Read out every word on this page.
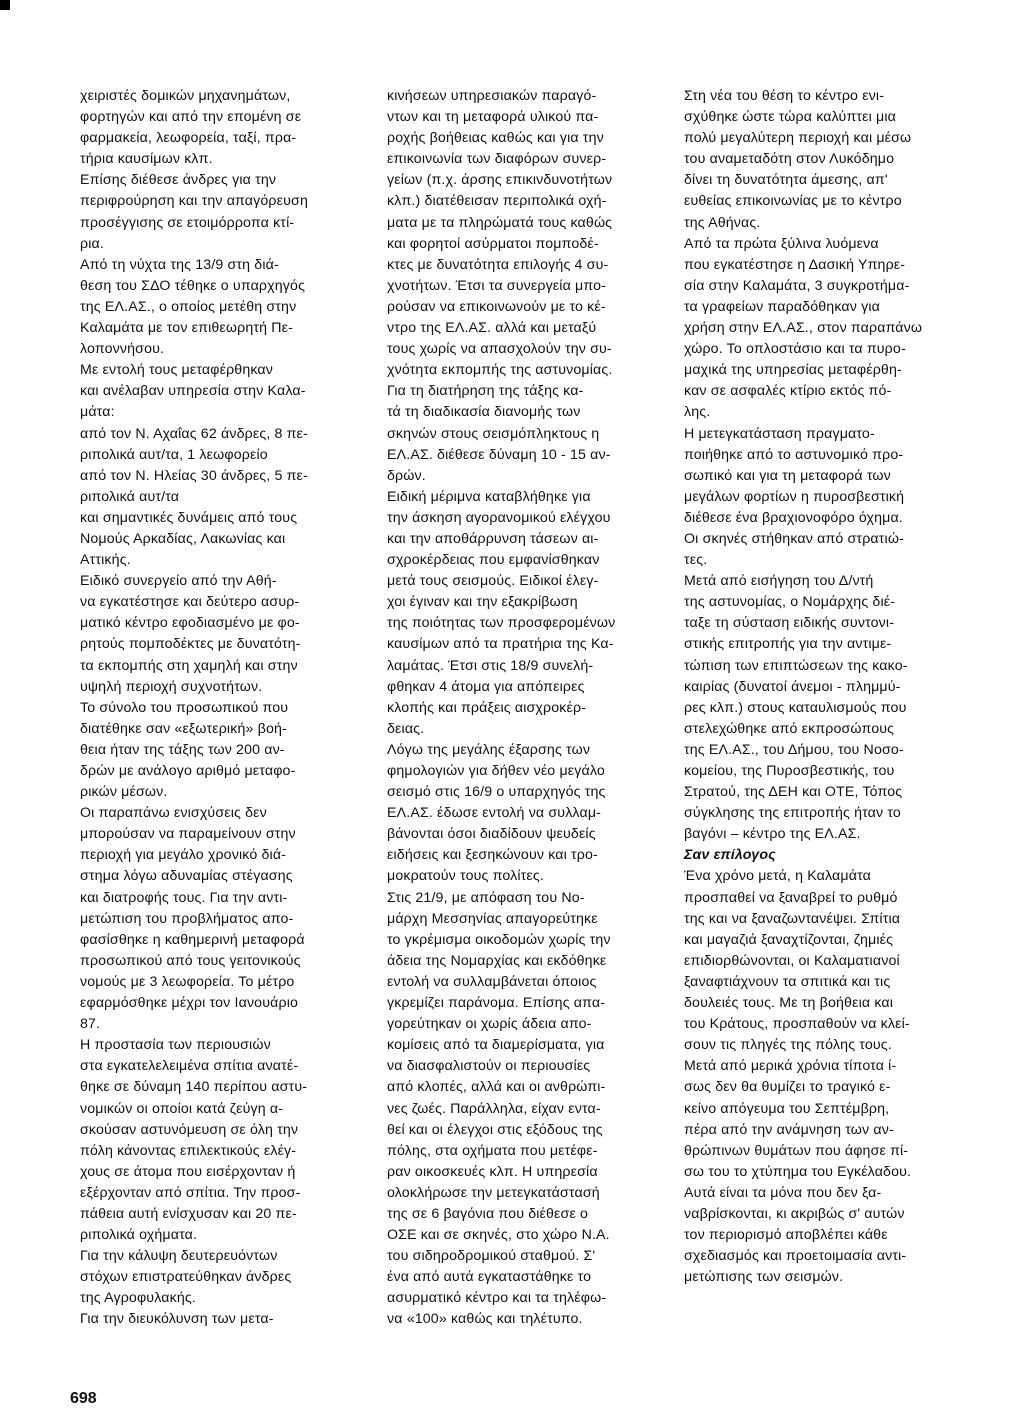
χειριστές δομικών μηχανημάτων,
φορτηγών και από την επομένη σε
φαρμακεία, λεωφορεία, ταξί, πρα-
τήρια καυσίμων κλπ.
Επίσης διέθεσε άνδρες για την
περιφρούρηση και την απαγόρευση
προσέγγισης σε ετοιμόρροπα κτί-
ρια.
Από τη νύχτα της 13/9 στη διά-
θεση του ΣΔΟ τέθηκε ο υπαρχηγός
της ΕΛ.ΑΣ., ο οποίος μετέθη στην
Καλαμάτα με τον επιθεωρητή Πε-
λοποννήσου.
Με εντολή τους μεταφέρθηκαν
και ανέλαβαν υπηρεσία στην Καλα-
μάτα:
από τον Ν. Αχαΐας 62 άνδρες, 8 πε-
ριπολικά αυτ/τα, 1 λεωφορείο
από τον Ν. Ηλείας 30 άνδρες, 5 πε-
ριπολικά αυτ/τα
και σημαντικές δυνάμεις από τους
Νομούς Αρκαδίας, Λακωνίας και
Αττικής.
Ειδικό συνεργείο από την Αθή-
να εγκατέστησε και δεύτερο ασυρ-
ματικό κέντρο εφοδιασμένο με φο-
ρητούς πομποδέκτες με δυνατότη-
τα εκπομπής στη χαμηλή και στην
υψηλή περιοχή συχνοτήτων.
Το σύνολο του προσωπικού που
διατέθηκε σαν «εξωτερική» βοή-
θεια ήταν της τάξης των 200 αν-
δρών με ανάλογο αριθμό μεταφο-
ρικών μέσων.
Οι παραπάνω ενισχύσεις δεν
μπορούσαν να παραμείνουν στην
περιοχή για μεγάλο χρονικό διά-
στημα λόγω αδυναμίας στέγασης
και διατροφής τους. Για την αντι-
μετώπιση του προβλήματος απο-
φασίσθηκε η καθημερινή μεταφορά
προσωπικού από τους γειτονικούς
νομούς με 3 λεωφορεία. Το μέτρο
εφαρμόσθηκε μέχρι τον Ιανουάριο
87.
Η προστασία των περιουσιών
στα εγκατελελειμένα σπίτια ανατέ-
θηκε σε δύναμη 140 περίπου αστυ-
νομικών οι οποίοι κατά ζεύγη α-
σκούσαν αστυνόμευση σε όλη την
πόλη κάνοντας επιλεκτικούς ελέγ-
χους σε άτομα που εισέρχονταν ή
εξέρχονταν από σπίτια. Την προσ-
πάθεια αυτή ενίσχυσαν και 20 πε-
ριπολικά οχήματα.
Για την κάλυψη δευτερευόντων
στόχων επιστρατεύθηκαν άνδρες
της Αγροφυλακής.
Για την διευκόλυνση των μετα-
κινήσεων υπηρεσιακών παραγό-
ντων και τη μεταφορά υλικού πα-
ροχής βοήθειας καθώς και για την
επικοινωνία των διαφόρων συνερ-
γείων (π.χ. άρσης επικινδυνοτήτων
κλπ.) διατέθεισαν περιπολικά οχή-
ματα με τα πληρώματά τους καθώς
και φορητοί ασύρματοι πομποδέ-
κτες με δυνατότητα επιλογής 4 συ-
χνοτήτων. Έτσι τα συνεργεία μπο-
ρούσαν να επικοινωνούν με το κέ-
ντρο της ΕΛ.ΑΣ. αλλά και μεταξύ
τους χωρίς να απασχολούν την συ-
χνότητα εκπομπής της αστυνομίας.
Για τη διατήρηση της τάξης κα-
τά τη διαδικασία διανομής των
σκηνών στους σεισμόπληκτους η
ΕΛ.ΑΣ. διέθεσε δύναμη 10 - 15 αν-
δρών.
Ειδική μέριμνα καταβλήθηκε για
την άσκηση αγορανομικού ελέγχου
και την αποθάρρυνση τάσεων αι-
σχροκέρδειας που εμφανίσθηκαν
μετά τους σεισμούς. Ειδικοί έλεγ-
χοι έγιναν και την εξακρίβωση
της ποιότητας των προσφερομένων
καυσίμων από τα πρατήρια της Κα-
λαμάτας. Έτσι στις 18/9 συνελή-
φθηκαν 4 άτομα για απόπειρες
κλοπής και πράξεις αισχροκέρ-
δειας.
Λόγω της μεγάλης έξαρσης των
φημολογιών για δήθεν νέο μεγάλο
σεισμό στις 16/9 ο υπαρχηγός της
ΕΛ.ΑΣ. έδωσε εντολή να συλλαμ-
βάνονται όσοι διαδίδουν ψευδείς
ειδήσεις και ξεσηκώνουν και τρο-
μοκρατούν τους πολίτες.
Στις 21/9, με απόφαση του Νο-
μάρχη Μεσσηνίας απαγορεύτηκε
το γκρέμισμα οικοδομών χωρίς την
άδεια της Νομαρχίας και εκδόθηκε
εντολή να συλλαμβάνεται όποιος
γκρεμίζει παράνομα. Επίσης απα-
γορεύτηκαν οι χωρίς άδεια απο-
κομίσεις από τα διαμερίσματα, για
να διασφαλιστούν οι περιουσίες
από κλοπές, αλλά και οι ανθρώπι-
νες ζωές. Παράλληλα, είχαν εντα-
θεί και οι έλεγχοι στις εξόδους της
πόλης, στα οχήματα που μετέφε-
ραν οικοσκευές κλπ. Η υπηρεσία
ολοκλήρωσε την μετεγκατάστασή
της σε 6 βαγόνια που διέθεσε ο
ΟΣΕ και σε σκηνές, στο χώρο Ν.Α.
του σιδηροδρομικού σταθμού. Σ'
ένα από αυτά εγκαταστάθηκε το
ασυρματικό κέντρο και τα τηλέφω-
να «100» καθώς και τηλέτυπο.
Στη νέα του θέση το κέντρο ενι-
σχύθηκε ώστε τώρα καλύπτει μια
πολύ μεγαλύτερη περιοχή και μέσω
του αναμεταδότη στον Λυκόδημο
δίνει τη δυνατότητα άμεσης, απ'
ευθείας επικοινωνίας με το κέντρο
της Αθήνας.
Από τα πρώτα ξύλινα λυόμενα
που εγκατέστησε η Δασική Υπηρε-
σία στην Καλαμάτα, 3 συγκροτήμα-
τα γραφείων παραδόθηκαν για
χρήση στην ΕΛ.ΑΣ., στον παραπάνω
χώρο. Το οπλοστάσιο και τα πυρο-
μαχικά της υπηρεσίας μεταφέρθη-
καν σε ασφαλές κτίριο εκτός πό-
λης.
Η μετεγκατάσταση πραγματο-
ποιήθηκε από το αστυνομικό προ-
σωπικό και για τη μεταφορά των
μεγάλων φορτίων η πυροσβεστική
διέθεσε ένα βραχιονοφόρο όχημα.
Οι σκηνές στήθηκαν από στρατιώ-
τες.
Μετά από εισήγηση του Δ/ντή
της αστυνομίας, ο Νομάρχης διέ-
ταξε τη σύσταση ειδικής συντονι-
στικής επιτροπής για την αντιμε-
τώπιση των επιπτώσεων της κακο-
καιρίας (δυνατοί άνεμοι - πλημμύ-
ρες κλπ.) στους καταυλισμούς που
στελεχώθηκε από εκπροσώπους
της ΕΛ.ΑΣ., του Δήμου, του Νοσο-
κομείου, της Πυροσβεστικής, του
Στρατού, της ΔΕΗ και ΟΤΕ, Τόπος
σύγκλησης της επιτροπής ήταν το
βαγόνι – κέντρο της ΕΛ.ΑΣ.
Σαν επίλογος
Ένα χρόνο μετά, η Καλαμάτα
προσπαθεί να ξαναβρεί το ρυθμό
της και να ξαναζωντανέψει. Σπίτια
και μαγαζιά ξαναχτίζονται, ζημιές
επιδιορθώνονται, οι Καλαματιανοί
ξαναφτιάχνουν τα σπιτικά και τις
δουλειές τους. Με τη βοήθεια και
του Κράτους, προσπαθούν να κλεί-
σουν τις πληγές της πόλης τους.
Μετά από μερικά χρόνια τίποτα ί-
σως δεν θα θυμίζει το τραγικό ε-
κείνο απόγευμα του Σεπτέμβρη,
πέρα από την ανάμνηση των αν-
θρώπινων θυμάτων που άφησε πί-
σω του το χτύπημα του Εγκέλαδου.
Αυτά είναι τα μόνα που δεν ξα-
ναβρίσκονται, κι ακριβώς σ' αυτών
τον περιορισμό αποβλέπει κάθε
σχεδιασμός και προετοιμασία αντι-
μετώπισης των σεισμών.
698
